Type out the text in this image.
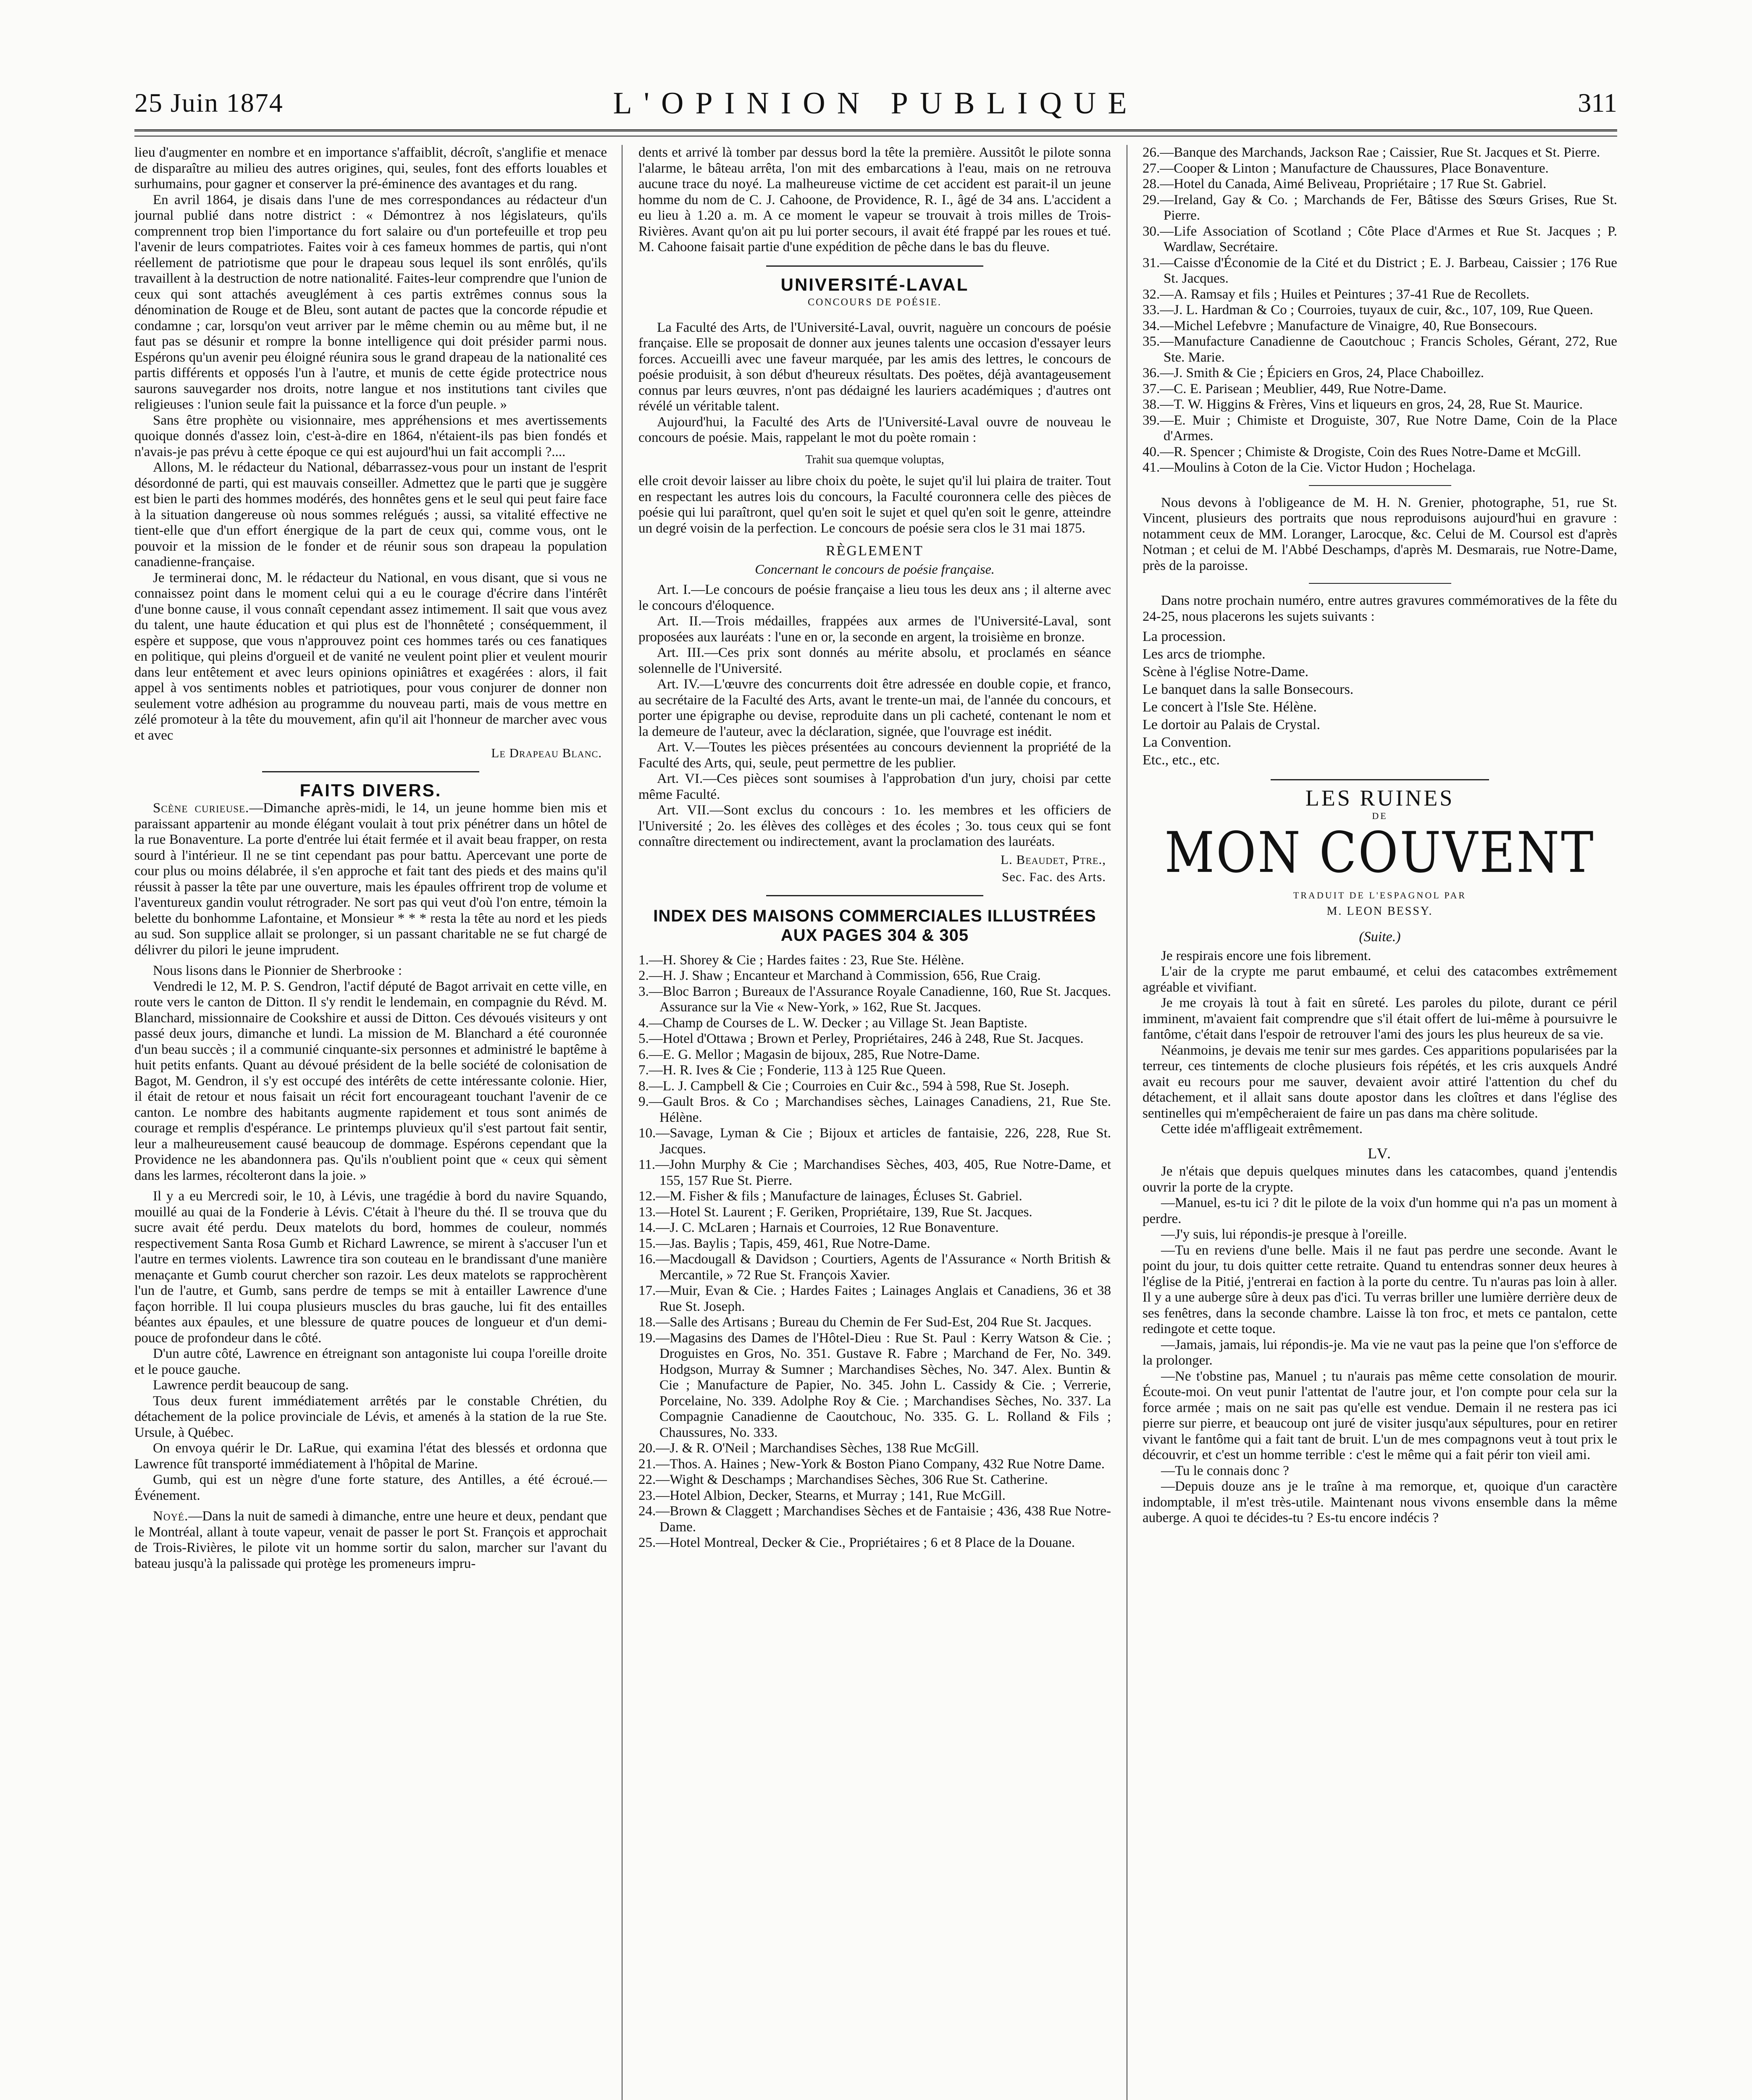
25 Juin 1874	L'OPINION PUBLIQUE	311

lieu d'augmenter en nombre et en importance s'affaiblit, décroît, s'anglifie et menace de disparaître au milieu des autres origines, qui, seules, font des efforts louables et surhumains, pour gagner et conserver la pré-éminence des avantages et du rang.

En avril 1864, je disais dans l'une de mes correspondances au rédacteur d'un journal publié dans notre district : « Démontrez à nos législateurs, qu'ils comprennent trop bien l'importance du fort salaire ou d'un portefeuille et trop peu l'avenir de leurs compatriotes. Faites voir à ces fameux hommes de partis, qui n'ont réellement de patriotisme que pour le drapeau sous lequel ils sont enrôlés, qu'ils travaillent à la destruction de notre nationalité. Faites-leur comprendre que l'union de ceux qui sont attachés aveuglément à ces partis extrêmes connus sous la dénomination de Rouge et de Bleu, sont autant de pactes que la concorde répudie et condamne ; car, lorsqu'on veut arriver par le même chemin ou au même but, il ne faut pas se désunir et rompre la bonne intelligence qui doit présider parmi nous. Espérons qu'un avenir peu éloigné réunira sous le grand drapeau de la nationalité ces partis différents et opposés l'un à l'autre, et munis de cette égide protectrice nous saurons sauvegarder nos droits, notre langue et nos institutions tant civiles que religieuses : l'union seule fait la puissance et la force d'un peuple. »

Sans être prophète ou visionnaire, mes appréhensions et mes avertissements quoique donnés d'assez loin, c'est-à-dire en 1864, n'étaient-ils pas bien fondés et n'avais-je pas prévu à cette époque ce qui est aujourd'hui un fait accompli ?....

Allons, M. le rédacteur du National, débarrassez-vous pour un instant de l'esprit désordonné de parti, qui est mauvais conseiller. Admettez que le parti que je suggère est bien le parti des hommes modérés, des honnêtes gens et le seul qui peut faire face à la situation dangereuse où nous sommes relégués ; aussi, sa vitalité effective ne tient-elle que d'un effort énergique de la part de ceux qui, comme vous, ont le pouvoir et la mission de le fonder et de réunir sous son drapeau la population canadienne-française.

Je terminerai donc, M. le rédacteur du National, en vous disant, que si vous ne connaissez point dans le moment celui qui a eu le courage d'écrire dans l'intérêt d'une bonne cause, il vous connaît cependant assez intimement. Il sait que vous avez du talent, une haute éducation et qui plus est de l'honnêteté ; conséquemment, il espère et suppose, que vous n'approuvez point ces hommes tarés ou ces fanatiques en politique, qui pleins d'orgueil et de vanité ne veulent point plier et veulent mourir dans leur entêtement et avec leurs opinions opiniâtres et exagérées : alors, il fait appel à vos sentiments nobles et patriotiques, pour vous conjurer de donner non seulement votre adhésion au programme du nouveau parti, mais de vous mettre en zélé promoteur à la tête du mouvement, afin qu'il ait l'honneur de marcher avec vous et avec

Le Drapeau Blanc.

FAITS DIVERS.

Scène curieuse.—Dimanche après-midi, le 14, un jeune homme bien mis et paraissant appartenir au monde élégant voulait à tout prix pénétrer dans un hôtel de la rue Bonaventure. La porte d'entrée lui était fermée et il avait beau frapper, on resta sourd à l'intérieur. Il ne se tint cependant pas pour battu. Apercevant une porte de cour plus ou moins délabrée, il s'en approche et fait tant des pieds et des mains qu'il réussit à passer la tête par une ouverture, mais les épaules offrirent trop de volume et l'aventureux gandin voulut rétrograder. Ne sort pas qui veut d'où l'on entre, témoin la belette du bonhomme Lafontaine, et Monsieur * * * resta la tête au nord et les pieds au sud. Son supplice allait se prolonger, si un passant charitable ne se fut chargé de délivrer du pilori le jeune imprudent.

Nous lisons dans le Pionnier de Sherbrooke :

Vendredi le 12, M. P. S. Gendron, l'actif député de Bagot arrivait en cette ville, en route vers le canton de Ditton. Il s'y rendit le lendemain, en compagnie du Révd. M. Blanchard, missionnaire de Cookshire et aussi de Ditton. Ces dévoués visiteurs y ont passé deux jours, dimanche et lundi. La mission de M. Blanchard a été couronnée d'un beau succès ; il a communié cinquante-six personnes et administré le baptême à huit petits enfants. Quant au dévoué président de la belle société de colonisation de Bagot, M. Gendron, il s'y est occupé des intérêts de cette intéressante colonie. Hier, il était de retour et nous faisait un récit fort encourageant touchant l'avenir de ce canton. Le nombre des habitants augmente rapidement et tous sont animés de courage et remplis d'espérance. Le printemps pluvieux qu'il s'est partout fait sentir, leur a malheureusement causé beaucoup de dommage. Espérons cependant que la Providence ne les abandonnera pas. Qu'ils n'oublient point que « ceux qui sèment dans les larmes, récolteront dans la joie. »

Il y a eu Mercredi soir, le 10, à Lévis, une tragédie à bord du navire Squando, mouillé au quai de la Fonderie à Lévis. C'était à l'heure du thé. Il se trouva que du sucre avait été perdu. Deux matelots du bord, hommes de couleur, nommés respectivement Santa Rosa Gumb et Richard Lawrence, se mirent à s'accuser l'un et l'autre en termes violents. Lawrence tira son couteau en le brandissant d'une manière menaçante et Gumb courut chercher son razoir. Les deux matelots se rapprochèrent l'un de l'autre, et Gumb, sans perdre de temps se mit à entailler Lawrence d'une façon horrible. Il lui coupa plusieurs muscles du bras gauche, lui fit des entailles béantes aux épaules, et une blessure de quatre pouces de longueur et d'un demi-pouce de profondeur dans le côté.

D'un autre côté, Lawrence en étreignant son antagoniste lui coupa l'oreille droite et le pouce gauche.

Lawrence perdit beaucoup de sang.

Tous deux furent immédiatement arrêtés par le constable Chrétien, du détachement de la police provinciale de Lévis, et amenés à la station de la rue Ste. Ursule, à Québec.

On envoya quérir le Dr. LaRue, qui examina l'état des blessés et ordonna que Lawrence fût transporté immédiatement à l'hôpital de Marine.

Gumb, qui est un nègre d'une forte stature, des Antilles, a été écroué.—Événement.

Noyé.—Dans la nuit de samedi à dimanche, entre une heure et deux, pendant que le Montréal, allant à toute vapeur, venait de passer le port St. François et approchait de Trois-Rivières, le pilote vit un homme sortir du salon, marcher sur l'avant du bateau jusqu'à la palissade qui protège les promeneurs impru-

dents et arrivé là tomber par dessus bord la tête la première. Aussitôt le pilote sonna l'alarme, le bâteau arrêta, l'on mit des embarcations à l'eau, mais on ne retrouva aucune trace du noyé. La malheureuse victime de cet accident est parait-il un jeune homme du nom de C. J. Cahoone, de Providence, R. I., âgé de 34 ans. L'accident a eu lieu à 1.20 a. m. A ce moment le vapeur se trouvait à trois milles de Trois-Rivières. Avant qu'on ait pu lui porter secours, il avait été frappé par les roues et tué. M. Cahoone faisait partie d'une expédition de pêche dans le bas du fleuve.

UNIVERSITÉ-LAVAL
CONCOURS DE POÉSIE.

La Faculté des Arts, de l'Université-Laval, ouvrit, naguère un concours de poésie française. Elle se proposait de donner aux jeunes talents une occasion d'essayer leurs forces. Accueilli avec une faveur marquée, par les amis des lettres, le concours de poésie produisit, à son début d'heureux résultats. Des poëtes, déjà avantageusement connus par leurs œuvres, n'ont pas dédaigné les lauriers académiques ; d'autres ont révélé un véritable talent.

Aujourd'hui, la Faculté des Arts de l'Université-Laval ouvre de nouveau le concours de poésie. Mais, rappelant le mot du poète romain :

Trahit sua quemque voluptas,

elle croit devoir laisser au libre choix du poète, le sujet qu'il lui plaira de traiter. Tout en respectant les autres lois du concours, la Faculté couronnera celle des pièces de poésie qui lui paraîtront, quel qu'en soit le sujet et quel qu'en soit le genre, atteindre un degré voisin de la perfection. Le concours de poésie sera clos le 31 mai 1875.

RÈGLEMENT
Concernant le concours de poésie française.

Art. I.—Le concours de poésie française a lieu tous les deux ans ; il alterne avec le concours d'éloquence.

Art. II.—Trois médailles, frappées aux armes de l'Université-Laval, sont proposées aux lauréats : l'une en or, la seconde en argent, la troisième en bronze.

Art. III.—Ces prix sont donnés au mérite absolu, et proclamés en séance solennelle de l'Université.

Art. IV.—L'œuvre des concurrents doit être adressée en double copie, et franco, au secrétaire de la Faculté des Arts, avant le trente-un mai, de l'année du concours, et porter une épigraphe ou devise, reproduite dans un pli cacheté, contenant le nom et la demeure de l'auteur, avec la déclaration, signée, que l'ouvrage est inédit.

Art. V.—Toutes les pièces présentées au concours deviennent la propriété de la Faculté des Arts, qui, seule, peut permettre de les publier.

Art. VI.—Ces pièces sont soumises à l'approbation d'un jury, choisi par cette même Faculté.

Art. VII.—Sont exclus du concours : 1o. les membres et les officiers de l'Université ; 2o. les élèves des collèges et des écoles ; 3o. tous ceux qui se font connaître directement ou indirectement, avant la proclamation des lauréats.

L. Beaudet, Ptre.,

Sec. Fac. des Arts.

INDEX DES MAISONS COMMERCIALES ILLUSTRÉES AUX PAGES 304 & 305
1.—H. Shorey & Cie ; Hardes faites : 23, Rue Ste. Hélène.
2.—H. J. Shaw ; Encanteur et Marchand à Commission, 656, Rue Craig.
3.—Bloc Barron ; Bureaux de l'Assurance Royale Canadienne, 160, Rue St. Jacques. Assurance sur la Vie « New-York, » 162, Rue St. Jacques.
4.—Champ de Courses de L. W. Decker ; au Village St. Jean Baptiste.
5.—Hotel d'Ottawa ; Brown et Perley, Propriétaires, 246 à 248, Rue St. Jacques.
6.—E. G. Mellor ; Magasin de bijoux, 285, Rue Notre-Dame.
7.—H. R. Ives & Cie ; Fonderie, 113 à 125 Rue Queen.
8.—L. J. Campbell & Cie ; Courroies en Cuir &c., 594 à 598, Rue St. Joseph.
9.—Gault Bros. & Co ; Marchandises sèches, Lainages Canadiens, 21, Rue Ste. Hélène.
10.—Savage, Lyman & Cie ; Bijoux et articles de fantaisie, 226, 228, Rue St. Jacques.
11.—John Murphy & Cie ; Marchandises Sèches, 403, 405, Rue Notre-Dame, et 155, 157 Rue St. Pierre.
12.—M. Fisher & fils ; Manufacture de lainages, Écluses St. Gabriel.
13.—Hotel St. Laurent ; F. Geriken, Propriétaire, 139, Rue St. Jacques.
14.—J. C. McLaren ; Harnais et Courroies, 12 Rue Bonaventure.
15.—Jas. Baylis ; Tapis, 459, 461, Rue Notre-Dame.
16.—Macdougall & Davidson ; Courtiers, Agents de l'Assurance « North British & Mercantile, » 72 Rue St. François Xavier.
17.—Muir, Evan & Cie. ; Hardes Faites ; Lainages Anglais et Canadiens, 36 et 38 Rue St. Joseph.
18.—Salle des Artisans ; Bureau du Chemin de Fer Sud-Est, 204 Rue St. Jacques.
19.—Magasins des Dames de l'Hôtel-Dieu : Rue St. Paul : Kerry Watson & Cie. ; Droguistes en Gros, No. 351. Gustave R. Fabre ; Marchand de Fer, No. 349. Hodgson, Murray & Sumner ; Marchandises Sèches, No. 347. Alex. Buntin & Cie ; Manufacture de Papier, No. 345. John L. Cassidy & Cie. ; Verrerie, Porcelaine, No. 339. Adolphe Roy & Cie. ; Marchandises Sèches, No. 337. La Compagnie Canadienne de Caoutchouc, No. 335. G. L. Rolland & Fils ; Chaussures, No. 333.
20.—J. & R. O'Neil ; Marchandises Sèches, 138 Rue McGill.
21.—Thos. A. Haines ; New-York & Boston Piano Company, 432 Rue Notre Dame.
22.—Wight & Deschamps ; Marchandises Sèches, 306 Rue St. Catherine.
23.—Hotel Albion, Decker, Stearns, et Murray ; 141, Rue McGill.
24.—Brown & Claggett ; Marchandises Sèches et de Fantaisie ; 436, 438 Rue Notre-Dame.
25.—Hotel Montreal, Decker & Cie., Propriétaires ; 6 et 8 Place de la Douane.
26.—Banque des Marchands, Jackson Rae ; Caissier, Rue St. Jacques et St. Pierre.
27.—Cooper & Linton ; Manufacture de Chaussures, Place Bonaventure.
28.—Hotel du Canada, Aimé Beliveau, Propriétaire ; 17 Rue St. Gabriel.
29.—Ireland, Gay & Co. ; Marchands de Fer, Bâtisse des Sœurs Grises, Rue St. Pierre.
30.—Life Association of Scotland ; Côte Place d'Armes et Rue St. Jacques ; P. Wardlaw, Secrétaire.
31.—Caisse d'Économie de la Cité et du District ; E. J. Barbeau, Caissier ; 176 Rue St. Jacques.
32.—A. Ramsay et fils ; Huiles et Peintures ; 37-41 Rue de Recollets.
33.—J. L. Hardman & Co ; Courroies, tuyaux de cuir, &c., 107, 109, Rue Queen.
34.—Michel Lefebvre ; Manufacture de Vinaigre, 40, Rue Bonsecours.
35.—Manufacture Canadienne de Caoutchouc ; Francis Scholes, Gérant, 272, Rue Ste. Marie.
36.—J. Smith & Cie ; Épiciers en Gros, 24, Place Chaboillez.
37.—C. E. Parisean ; Meublier, 449, Rue Notre-Dame.
38.—T. W. Higgins & Frères, Vins et liqueurs en gros, 24, 28, Rue St. Maurice.
39.—E. Muir ; Chimiste et Droguiste, 307, Rue Notre Dame, Coin de la Place d'Armes.
40.—R. Spencer ; Chimiste & Drogiste, Coin des Rues Notre-Dame et McGill.
41.—Moulins à Coton de la Cie. Victor Hudon ; Hochelaga.

Nous devons à l'obligeance de M. H. N. Grenier, photographe, 51, rue St. Vincent, plusieurs des portraits que nous reproduisons aujourd'hui en gravure : notamment ceux de MM. Loranger, Larocque, &c. Celui de M. Coursol est d'après Notman ; et celui de M. l'Abbé Deschamps, d'après M. Desmarais, rue Notre-Dame, près de la paroisse.

Dans notre prochain numéro, entre autres gravures commémoratives de la fête du 24-25, nous placerons les sujets suivants :

La procession.
Les arcs de triomphe.
Scène à l'église Notre-Dame.
Le banquet dans la salle Bonsecours.
Le concert à l'Isle Ste. Hélène.
Le dortoir au Palais de Crystal.
La Convention.
Etc., etc., etc.
LES RUINES
DE
MON COUVENT
TRADUIT DE L'ESPAGNOL PAR
M. LEON BESSY.
(Suite.)

Je respirais encore une fois librement.

L'air de la crypte me parut embaumé, et celui des catacombes extrêmement agréable et vivifiant.

Je me croyais là tout à fait en sûreté. Les paroles du pilote, durant ce péril imminent, m'avaient fait comprendre que s'il était offert de lui-même à poursuivre le fantôme, c'était dans l'espoir de retrouver l'ami des jours les plus heureux de sa vie.

Néanmoins, je devais me tenir sur mes gardes. Ces apparitions popularisées par la terreur, ces tintements de cloche plusieurs fois répétés, et les cris auxquels André avait eu recours pour me sauver, devaient avoir attiré l'attention du chef du détachement, et il allait sans doute apostor dans les cloîtres et dans l'église des sentinelles qui m'empêcheraient de faire un pas dans ma chère solitude.

Cette idée m'affligeait extrêmement.

LV.

Je n'étais que depuis quelques minutes dans les catacombes, quand j'entendis ouvrir la porte de la crypte.

—Manuel, es-tu ici ? dit le pilote de la voix d'un homme qui n'a pas un moment à perdre.

—J'y suis, lui répondis-je presque à l'oreille.

—Tu en reviens d'une belle. Mais il ne faut pas perdre une seconde. Avant le point du jour, tu dois quitter cette retraite. Quand tu entendras sonner deux heures à l'église de la Pitié, j'entrerai en faction à la porte du centre. Tu n'auras pas loin à aller. Il y a une auberge sûre à deux pas d'ici. Tu verras briller une lumière derrière deux de ses fenêtres, dans la seconde chambre. Laisse là ton froc, et mets ce pantalon, cette redingote et cette toque.

—Jamais, jamais, lui répondis-je. Ma vie ne vaut pas la peine que l'on s'efforce de la prolonger.

—Ne t'obstine pas, Manuel ; tu n'aurais pas même cette consolation de mourir. Écoute-moi. On veut punir l'attentat de l'autre jour, et l'on compte pour cela sur la force armée ; mais on ne sait pas qu'elle est vendue. Demain il ne restera pas ici pierre sur pierre, et beaucoup ont juré de visiter jusqu'aux sépultures, pour en retirer vivant le fantôme qui a fait tant de bruit. L'un de mes compagnons veut à tout prix le découvrir, et c'est un homme terrible : c'est le même qui a fait périr ton vieil ami.

—Tu le connais donc ?

—Depuis douze ans je le traîne à ma remorque, et, quoique d'un caractère indomptable, il m'est très-utile. Maintenant nous vivons ensemble dans la même auberge. A quoi te décides-tu ? Es-tu encore indécis ?
